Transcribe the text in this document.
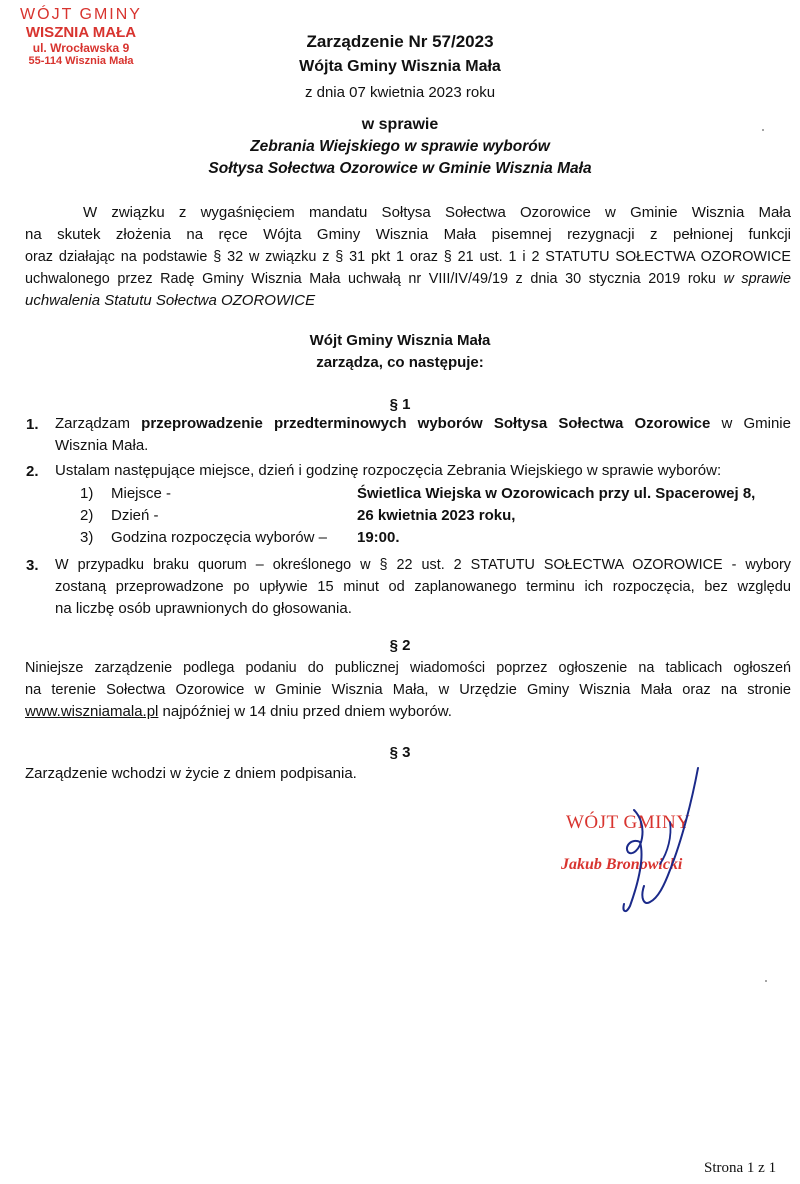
WÓJT GMINY
WISZNIA MAŁA
ul. Wrocławska 9
55-114 Wisznia Mała
Zarządzenie Nr 57/2023
Wójta Gminy Wisznia Mała
z dnia 07 kwietnia 2023 roku
w sprawie
Zebrania Wiejskiego w sprawie wyborów
Sołtysa Sołectwa Ozorowice w Gminie Wisznia Mała
W związku z wygaśnięciem mandatu Sołtysa Sołectwa Ozorowice w Gminie Wisznia Mała
na skutek złożenia na ręce Wójta Gminy Wisznia Mała pisemnej rezygnacji z pełnionej funkcji
oraz działając na podstawie § 32 w związku z § 31 pkt 1 oraz § 21 ust. 1 i 2 STATUTU SOŁECTWA OZOROWICE
uchwalonego przez Radę Gminy Wisznia Mała uchwałą nr VIII/IV/49/19 z dnia 30 stycznia 2019 roku w sprawie
uchwalenia Statutu Sołectwa OZOROWICE
Wójt Gminy Wisznia Mała
zarządza, co następuje:
§ 1
1. Zarządzam przeprowadzenie przedterminowych wyborów Sołtysa Sołectwa Ozorowice w Gminie
Wisznia Mała.
2. Ustalam następujące miejsce, dzień i godzinę rozpoczęcia Zebrania Wiejskiego w sprawie wyborów:
1) Miejsce -	Świetlica Wiejska w Ozorowicach przy ul. Spacerowej 8,
2) Dzień -	26 kwietnia 2023 roku,
3) Godzina rozpoczęcia wyborów – 19:00.
3. W przypadku braku quorum – określonego w § 22 ust. 2 STATUTU SOŁECTWA OZOROWICE - wybory
zostaną przeprowadzone po upływie 15 minut od zaplanowanego terminu ich rozpoczęcia, bez względu
na liczbę osób uprawnionych do głosowania.
§ 2
Niniejsze zarządzenie podlega podaniu do publicznej wiadomości poprzez ogłoszenie na tablicach ogłoszeń
na terenie Sołectwa Ozorowice w Gminie Wisznia Mała, w Urzędzie Gminy Wisznia Mała oraz na stronie
www.wiszniamala.pl najpóźniej w 14 dniu przed dniem wyborów.
§ 3
Zarządzenie wchodzi w życie z dniem podpisania.
WÓJT GMINY
Jakub Bronowicki
Strona 1 z 1
